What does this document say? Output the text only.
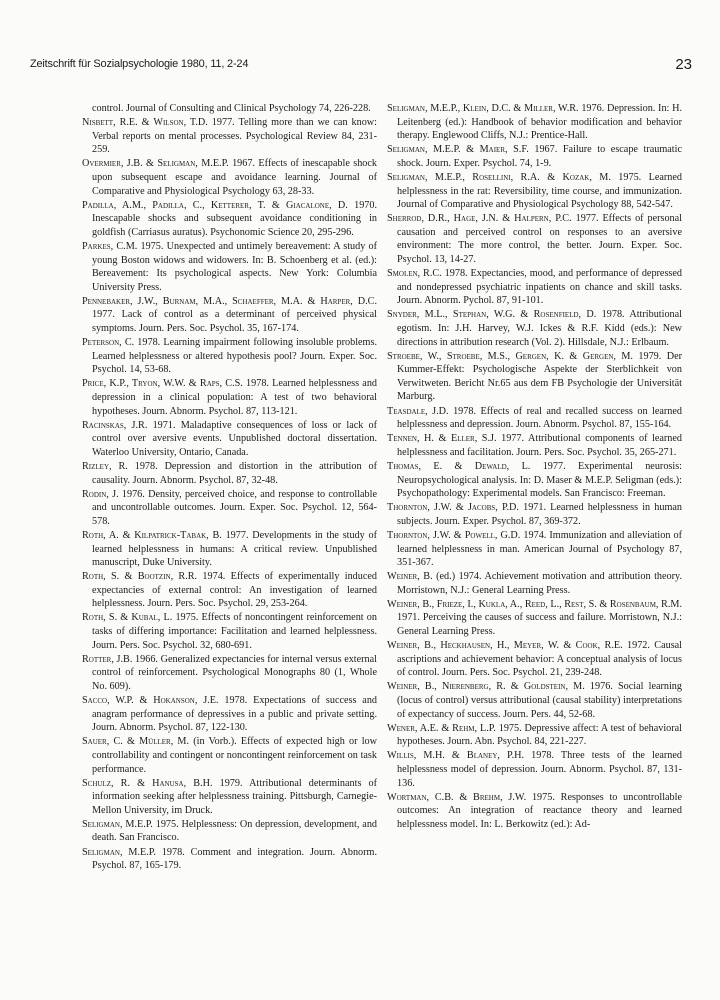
Zeitschrift für Sozialpsychologie 1980, 11, 2-24	23

control. Journal of Consulting and Clinical Psychology 74, 226-228.

Nisbett, R.E. & Wilson, T.D. 1977. Telling more than we can know: Verbal reports on mental processes. Psychological Review 84, 231-259.

Overmier, J.B. & Seligman, M.E.P. 1967. Effects of inescapable shock upon subsequent escape and avoidance learning. Journal of Comparative and Physiological Psychology 63, 28-33.

Padilla, A.M., Padilla, C., Ketterer, T. & Giacalone, D. 1970. Inescapable shocks and subsequent avoidance conditioning in goldfish (Carriasus auratus). Psychonomic Science 20, 295-296.

Parkes, C.M. 1975. Unexpected and untimely bereavement: A study of young Boston widows and widowers. In: B. Schoenberg et al. (ed.): Bereavement: Its psychological aspects. New York: Columbia University Press.

Pennebaker, J.W., Burnam, M.A., Schaeffer, M.A. & Harper, D.C. 1977. Lack of control as a determinant of perceived physical symptoms. Journ. Pers. Soc. Psychol. 35, 167-174.

Peterson, C. 1978. Learning impairment following insoluble problems. Learned helplessness or altered hypothesis pool? Journ. Exper. Soc. Psychol. 14, 53-68.

Price, K.P., Tryon, W.W. & Raps, C.S. 1978. Learned helplessness and depression in a clinical population: A test of two behavioral hypotheses. Journ. Abnorm. Psychol. 87, 113-121.

Racinskas, J.R. 1971. Maladaptive consequences of loss or lack of control over aversive events. Unpublished doctoral dissertation. Waterloo University, Ontario, Canada.

Rizley, R. 1978. Depression and distortion in the attribution of causality. Journ. Abnorm. Psychol. 87, 32-48.

Rodin, J. 1976. Density, perceived choice, and response to controllable and uncontrollable outcomes. Journ. Exper. Soc. Psychol. 12, 564-578.

Roth, A. & Kilpatrick-Tabak, B. 1977. Developments in the study of learned helplessness in humans: A critical review. Unpublished manuscript, Duke University.

Roth, S. & Bootzin, R.R. 1974. Effects of experimentally induced expectancies of external control: An investigation of learned helplessness. Journ. Pers. Soc. Psychol. 29, 253-264.

Roth, S. & Kubal, L. 1975. Effects of noncontingent reinforcement on tasks of differing importance: Facilitation and learned helplessness. Journ. Pers. Soc. Psychol. 32, 680-691.

Rotter, J.B. 1966. Generalized expectancies for internal versus external control of reinforcement. Psychological Monographs 80 (1, Whole No. 609).

Sacco, W.P. & Hokanson, J.E. 1978. Expectations of success and anagram performance of depressives in a public and private setting. Journ. Abnorm. Psychol. 87, 122-130.

Sauer, C. & Müller, M. (in Vorb.). Effects of expected high or low controllability and contingent or noncontingent reinforcement on task performance.

Schulz, R. & Hanusa, B.H. 1979. Attributional determinants of information seeking after helplessness training. Pittsburgh, Carnegie-Mellon University, im Druck.

Seligman, M.E.P. 1975. Helplessness: On depression, development, and death. San Francisco.

Seligman, M.E.P. 1978. Comment and integration. Journ. Abnorm. Psychol. 87, 165-179.

Seligman, M.E.P., Klein, D.C. & Miller, W.R. 1976. Depression. In: H. Leitenberg (ed.): Handbook of behavior modification and behavior therapy. Englewood Cliffs, N.J.: Prentice-Hall.

Seligman, M.E.P. & Maier, S.F. 1967. Failure to escape traumatic shock. Journ. Exper. Psychol. 74, 1-9.

Seligman, M.E.P., Rosellini, R.A. & Kozak, M. 1975. Learned helplessness in the rat: Reversibility, time course, and immunization. Journal of Comparative and Physiological Psychology 88, 542-547.

Sherrod, D.R., Hage, J.N. & Halpern, P.C. 1977. Effects of personal causation and perceived control on responses to an aversive environment: The more control, the better. Journ. Exper. Soc. Psychol. 13, 14-27.

Smolen, R.C. 1978. Expectancies, mood, and performance of depressed and nondepressed psychiatric inpatients on chance and skill tasks. Journ. Abnorm. Pychol. 87, 91-101.

Snyder, M.L., Stephan, W.G. & Rosenfield, D. 1978. Attributional egotism. In: J.H. Harvey, W.J. Ickes & R.F. Kidd (eds.): New directions in attribution research (Vol. 2). Hillsdale, N.J.: Erlbaum.

Stroebe, W., Stroebe, M.S., Gergen, K. & Gergen, M. 1979. Der Kummer-Effekt: Psychologische Aspekte der Sterblichkeit von Verwitweten. Bericht Nr.65 aus dem FB Psychologie der Universität Marburg.

Teasdale, J.D. 1978. Effects of real and recalled success on learned helplessness and depression. Journ. Abnorm. Psychol. 87, 155-164.

Tennen, H. & Eller, S.J. 1977. Attributional components of learned helplessness and facilitation. Journ. Pers. Soc. Psychol. 35, 265-271.

Thomas, E. & Dewald, L. 1977. Experimental neurosis: Neuropsychological analysis. In: D. Maser & M.E.P. Seligman (eds.): Psychopathology: Experimental models. San Francisco: Freeman.

Thornton, J.W. & Jacobs, P.D. 1971. Learned helplessness in human subjects. Journ. Exper. Psychol. 87, 369-372.

Thornton, J.W. & Powell, G.D. 1974. Immunization and alleviation of learned helplessness in man. American Journal of Psychology 87, 351-367.

Weiner, B. (ed.) 1974. Achievement motivation and attribution theory. Morristown, N.J.: General Learning Press.

Weiner, B., Frieze, I., Kukla, A., Reed, L., Rest, S. & Rosenbaum, R.M. 1971. Perceiving the causes of success and failure. Morristown, N.J.: General Learning Press.

Weiner, B., Heckhausen, H., Meyer, W. & Cook, R.E. 1972. Causal ascriptions and achievement behavior: A conceptual analysis of locus of control. Journ. Pers. Soc. Psychol. 21, 239-248.

Weiner, B., Nierenberg, R. & Goldstein, M. 1976. Social learning (locus of control) versus attributional (causal stability) interpretations of expectancy of success. Journ. Pers. 44, 52-68.

Wener, A.E. & Rehm, L.P. 1975. Depressive affect: A test of behavioral hypotheses. Journ. Abn. Psychol. 84, 221-227.

Willis, M.H. & Blaney, P.H. 1978. Three tests of the learned helplessness model of depression. Journ. Abnorm. Psychol. 87, 131-136.

Wortman, C.B. & Brehm, J.W. 1975. Responses to uncontrollable outcomes: An integration of reactance theory and learned helplessness model. In: L. Berkowitz (ed.): Ad-
